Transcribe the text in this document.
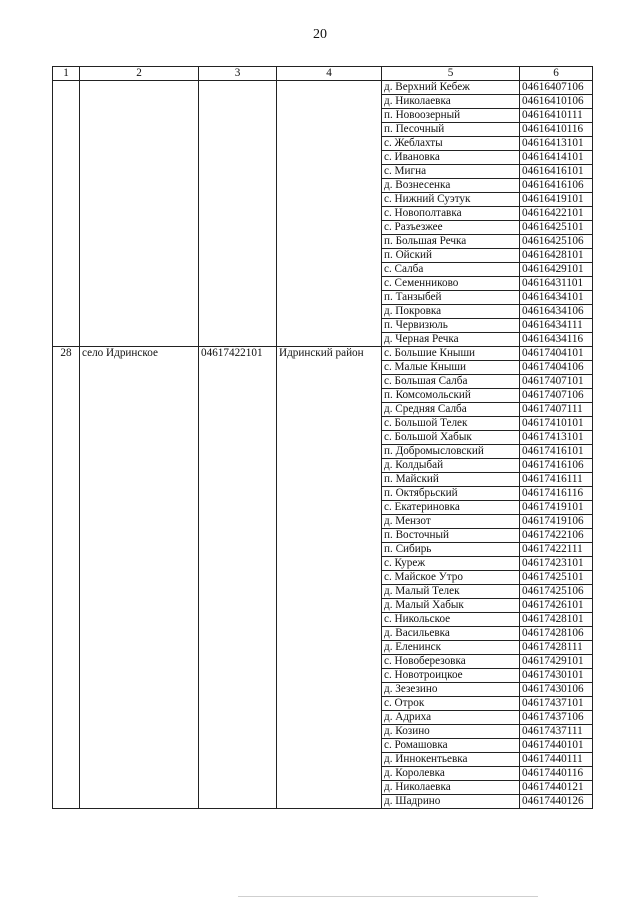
20
1	2	3	4	5	6
				д. Верхний Кебеж	04616407106
				д. Николаевка	04616410106
				п. Новоозерный	04616410111
				п. Песочный	04616410116
				с. Жеблахты	04616413101
				с. Ивановка	04616414101
				с. Мигна	04616416101
				д. Вознесенка	04616416106
				с. Нижний Суэтук	04616419101
				с. Новополтавка	04616422101
				с. Разъезжее	04616425101
				п. Большая Речка	04616425106
				п. Ойский	04616428101
				с. Салба	04616429101
				с. Семенниково	04616431101
				п. Танзыбей	04616434101
				д. Покровка	04616434106
				п. Червизюль	04616434111
				д. Черная Речка	04616434116
28	село Идринское	04617422101	Идринский район	с. Большие Кныши	04617404101
				с. Малые Кныши	04617404106
				с. Большая Салба	04617407101
				п. Комсомольский	04617407106
				д. Средняя Салба	04617407111
				с. Большой Телек	04617410101
				с. Большой Хабык	04617413101
				п. Добромысловский	04617416101
				д. Колдыбай	04617416106
				п. Майский	04617416111
				п. Октябрьский	04617416116
				с. Екатериновка	04617419101
				д. Мензот	04617419106
				п. Восточный	04617422106
				п. Сибирь	04617422111
				с. Куреж	04617423101
				с. Майское Утро	04617425101
				д. Малый Телек	04617425106
				д. Малый Хабык	04617426101
				с. Никольское	04617428101
				д. Васильевка	04617428106
				д. Еленинск	04617428111
				с. Новоберезовка	04617429101
				с. Новотроицкое	04617430101
				д. Зезезино	04617430106
				с. Отрок	04617437101
				д. Адриха	04617437106
				д. Козино	04617437111
				с. Ромашовка	04617440101
				д. Иннокентьевка	04617440111
				д. Королевка	04617440116
				д. Николаевка	04617440121
				д. Шадрино	04617440126
